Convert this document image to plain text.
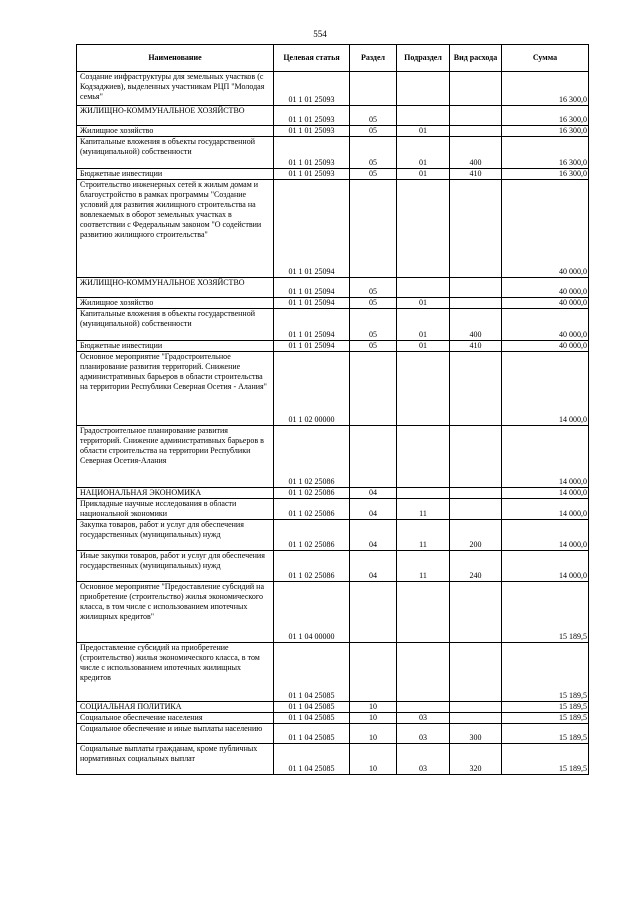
554
Наименование	Целевая статья	Раздел	Подраздел	Вид расхода	Сумма
Создание инфраструктуры для земельных участков (с Кодзаджиев), выделенных участникам РЦП "Молодая семья"	01 1 01 25093				16 300,0
ЖИЛИЩНО-КОММУНАЛЬНОЕ ХОЗЯЙСТВО	01 1 01 25093	05			16 300,0
Жилищное хозяйство	01 1 01 25093	05	01		16 300,0
Капитальные вложения в объекты государственной (муниципальной) собственности	01 1 01 25093	05	01	400	16 300,0
Бюджетные инвестиции	01 1 01 25093	05	01	410	16 300,0
Строительство инженерных сетей к жилым домам и благоустройство в рамках программы "Создание условий для развития жилищного строительства на вовлекаемых в оборот земельных участках в соответствии с Федеральным законом "О содействии развитию жилищного строительства"	01 1 01 25094				40 000,0
ЖИЛИЩНО-КОММУНАЛЬНОЕ ХОЗЯЙСТВО	01 1 01 25094	05			40 000,0
Жилищное хозяйство	01 1 01 25094	05	01		40 000,0
Капитальные вложения в объекты государственной (муниципальной) собственности	01 1 01 25094	05	01	400	40 000,0
Бюджетные инвестиции	01 1 01 25094	05	01	410	40 000,0
Основное мероприятие "Градостроительное планирование развития территорий. Снижение административных барьеров в области строительства на территории Республики Северная Осетия - Алания"	01 1 02 00000				14 000,0
Градостроительное планирование развития территорий. Снижение административных барьеров в области строительства на территории Республики Северная Осетия-Алания	01 1 02 25086				14 000,0
НАЦИОНАЛЬНАЯ ЭКОНОМИКА	01 1 02 25086	04			14 000,0
Прикладные научные исследования в области национальной экономики	01 1 02 25086	04	11		14 000,0
Закупка товаров, работ и услуг для обеспечения государственных (муниципальных) нужд	01 1 02 25086	04	11	200	14 000,0
Иные закупки товаров, работ и услуг для обеспечения государственных (муниципальных) нужд	01 1 02 25086	04	11	240	14 000,0
Основное мероприятие "Предоставление субсидий на приобретение (строительство) жилья экономического класса, в том числе с использованием ипотечных жилищных кредитов"	01 1 04 00000				15 189,5
Предоставление субсидий на приобретение (строительство) жилья экономического класса, в том числе с использованием ипотечных жилищных кредитов	01 1 04 25085				15 189,5
СОЦИАЛЬНАЯ ПОЛИТИКА	01 1 04 25085	10			15 189,5
Социальное обеспечение населения	01 1 04 25085	10	03		15 189,5
Социальное обеспечение и иные выплаты населению	01 1 04 25085	10	03	300	15 189,5
Социальные выплаты гражданам, кроме публичных нормативных социальных выплат	01 1 04 25085	10	03	320	15 189,5
